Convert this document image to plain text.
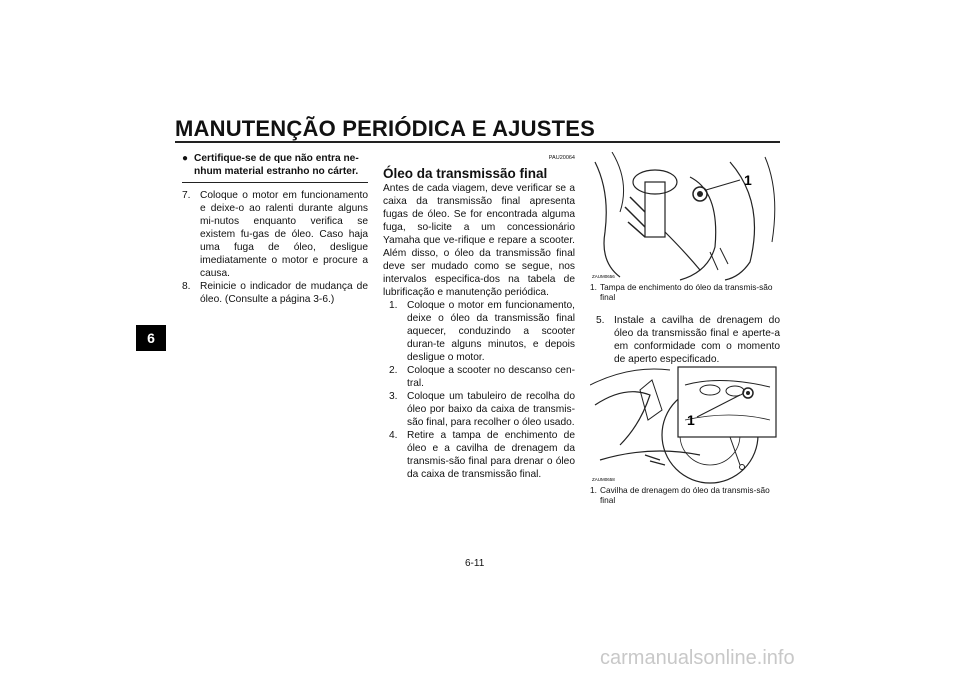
MANUTENÇÃO PERIÓDICA E AJUSTES
6
● Certifique-se de que não entra ne-nhum material estranho no cárter.
7. Coloque o motor em funcionamento e deixe-o ao ralenti durante alguns mi-nutos enquanto verifica se existem fu-gas de óleo. Caso haja uma fuga de óleo, desligue imediatamente o motor e procure a causa.
8. Reinicie o indicador de mudança de óleo. (Consulte a página 3-6.)
PAU20064
Óleo da transmissão final
Antes de cada viagem, deve verificar se a caixa da transmissão final apresenta fugas de óleo. Se for encontrada alguma fuga, so-licite a um concessionário Yamaha que ve-rifique e repare a scooter. Além disso, o óleo da transmissão final deve ser mudado como se segue, nos intervalos especifica-dos na tabela de lubrificação e manutenção periódica.
1. Coloque o motor em funcionamento, deixe o óleo da transmissão final aquecer, conduzindo a scooter duran-te alguns minutos, e depois desligue o motor.
2. Coloque a scooter no descanso cen-tral.
3. Coloque um tabuleiro de recolha do óleo por baixo da caixa de transmis-são final, para recolher o óleo usado.
4. Retire a tampa de enchimento de óleo e a cavilha de drenagem da transmis-são final para drenar o óleo da caixa de transmissão final.
ZAUM0656
1
1. Tampa de enchimento do óleo da transmis-são final
5. Instale a cavilha de drenagem do óleo da transmissão final e aperte-a em conformidade com o momento de aperto especificado.
ZAUM0658
1
1. Cavilha de drenagem do óleo da transmis-são final
6-11
carmanualsonline.info
